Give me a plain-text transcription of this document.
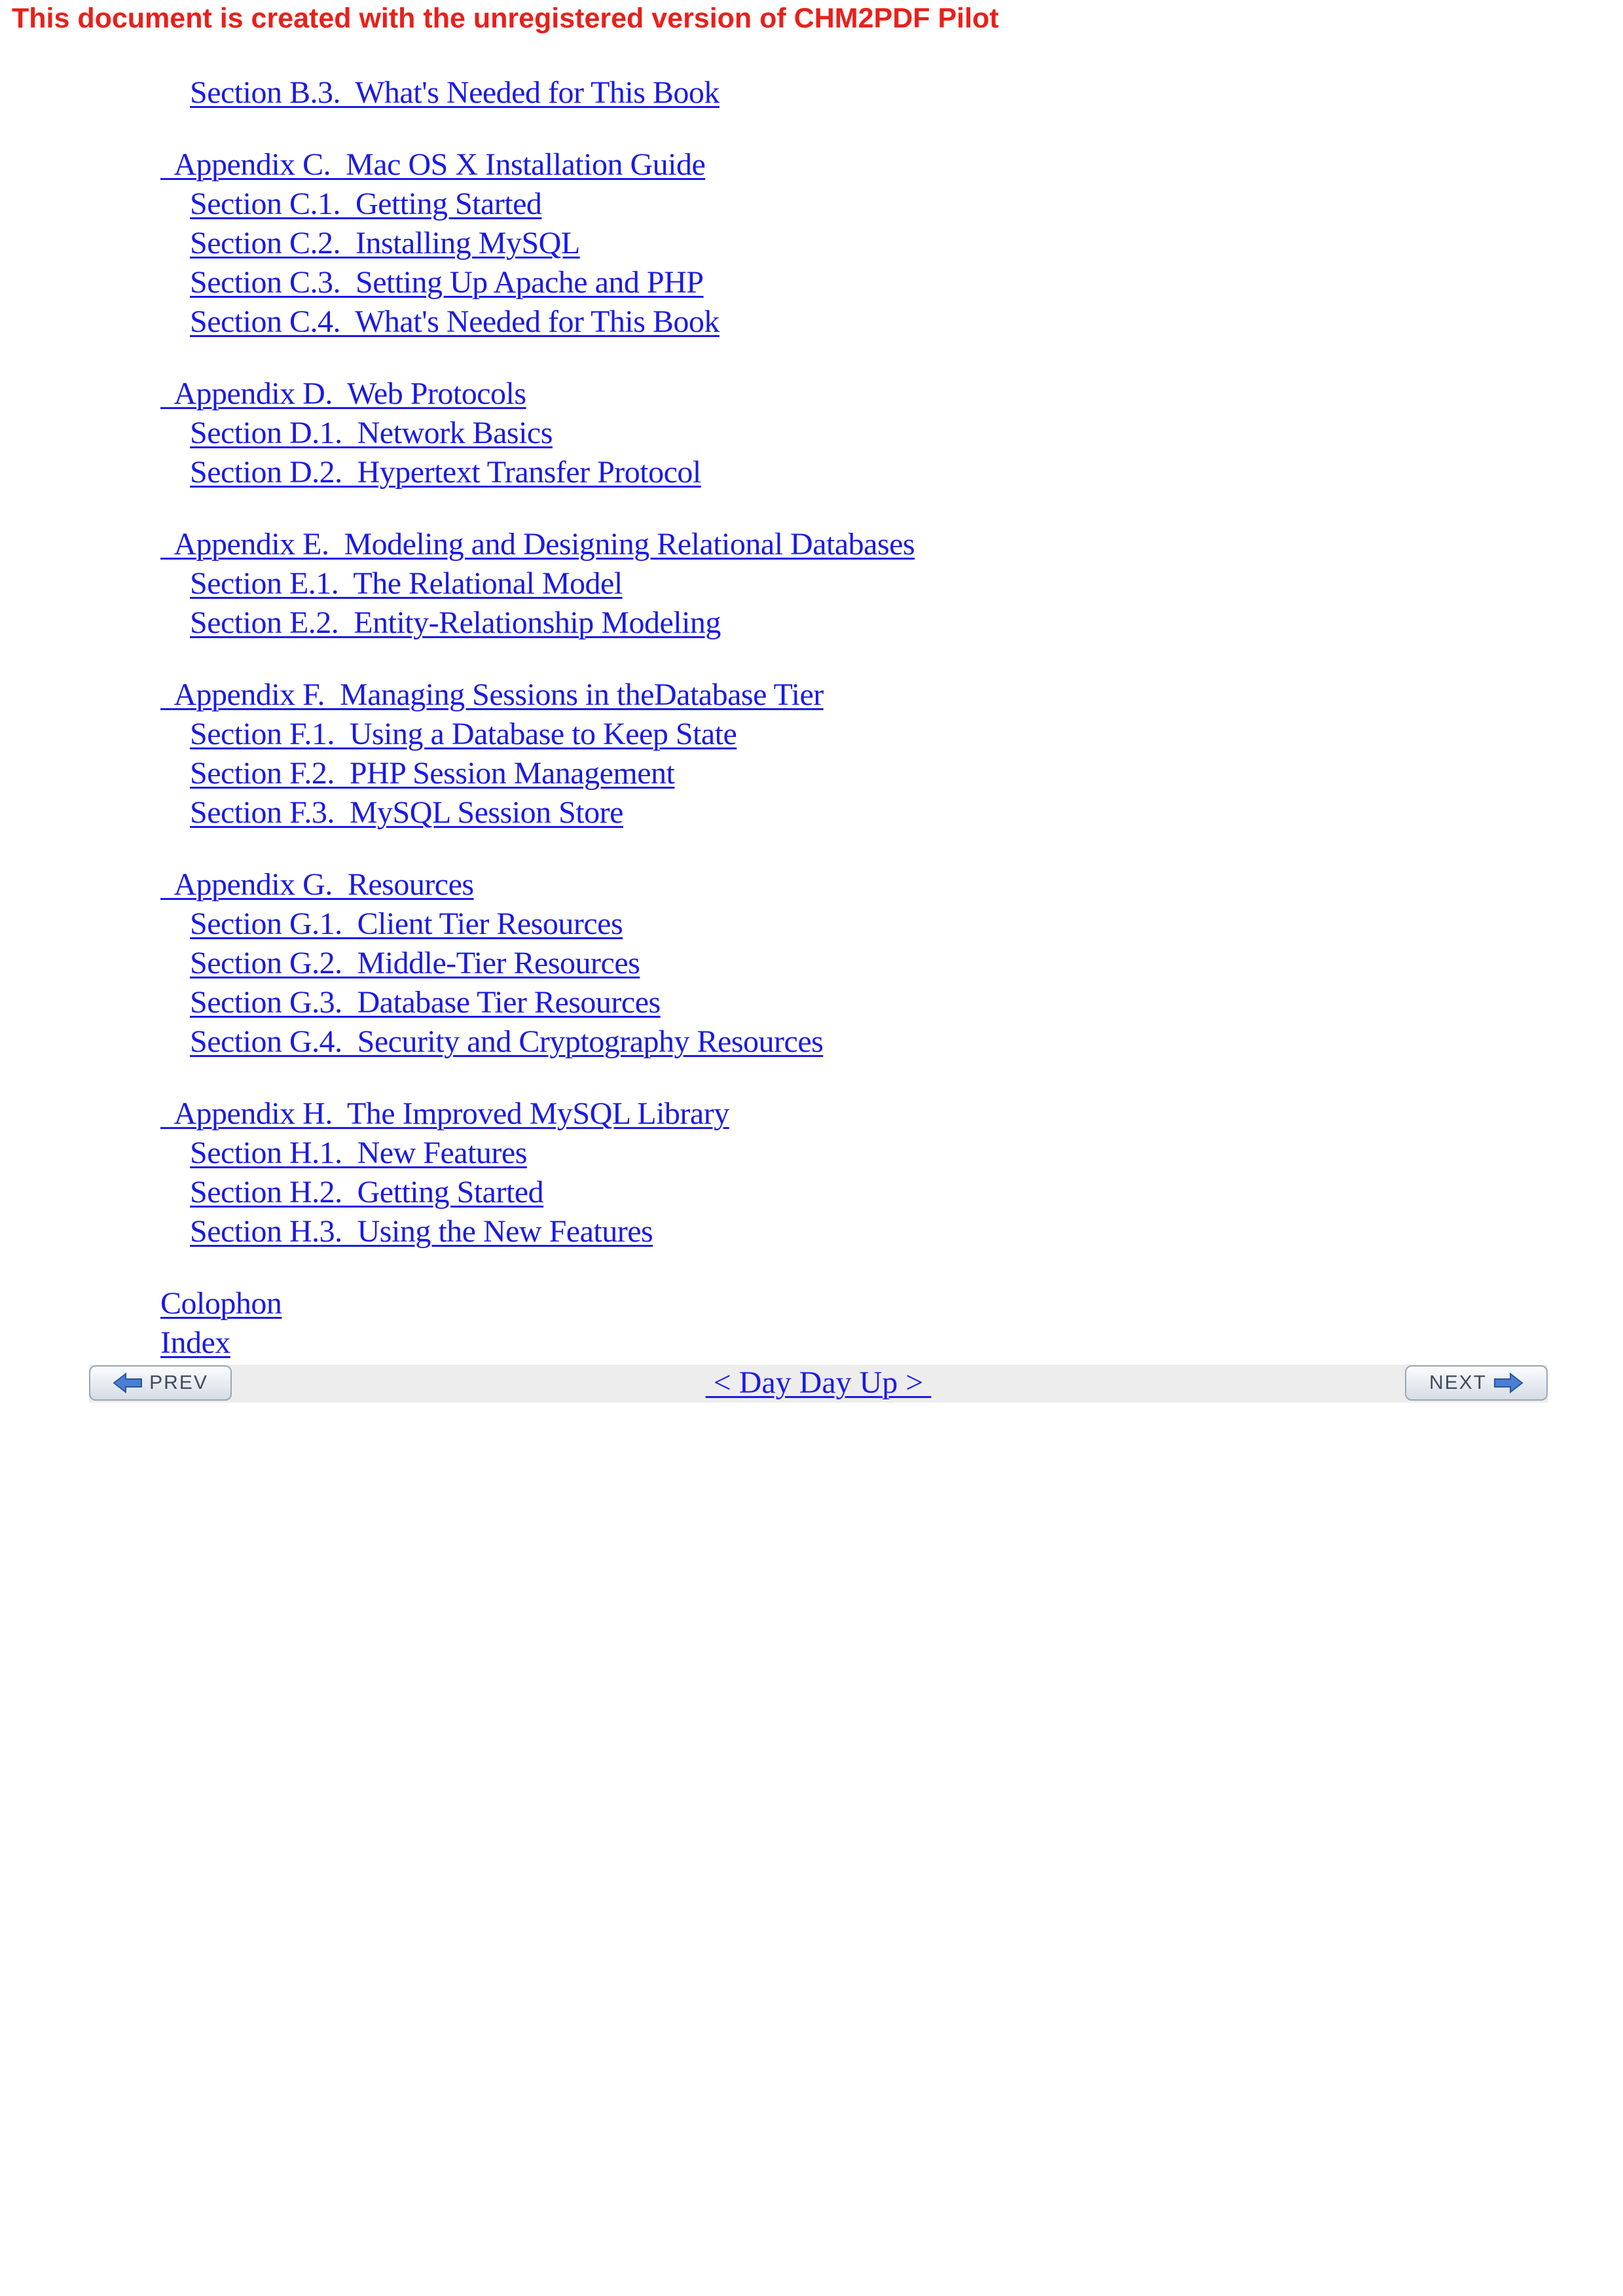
This document is created with the unregistered version of CHM2PDF Pilot
Section B.3.  What's Needed for This Book
Appendix C.  Mac OS X Installation Guide
Section C.1.  Getting Started
Section C.2.  Installing MySQL
Section C.3.  Setting Up Apache and PHP
Section C.4.  What's Needed for This Book
Appendix D.  Web Protocols
Section D.1.  Network Basics
Section D.2.  Hypertext Transfer Protocol
Appendix E.  Modeling and Designing Relational Databases
Section E.1.  The Relational Model
Section E.2.  Entity-Relationship Modeling
Appendix F.  Managing Sessions in theDatabase Tier
Section F.1.  Using a Database to Keep State
Section F.2.  PHP Session Management
Section F.3.  MySQL Session Store
Appendix G.  Resources
Section G.1.  Client Tier Resources
Section G.2.  Middle-Tier Resources
Section G.3.  Database Tier Resources
Section G.4.  Security and Cryptography Resources
Appendix H.  The Improved MySQL Library
Section H.1.  New Features
Section H.2.  Getting Started
Section H.3.  Using the New Features
Colophon
Index
PREV	< Day Day Up >	NEXT
